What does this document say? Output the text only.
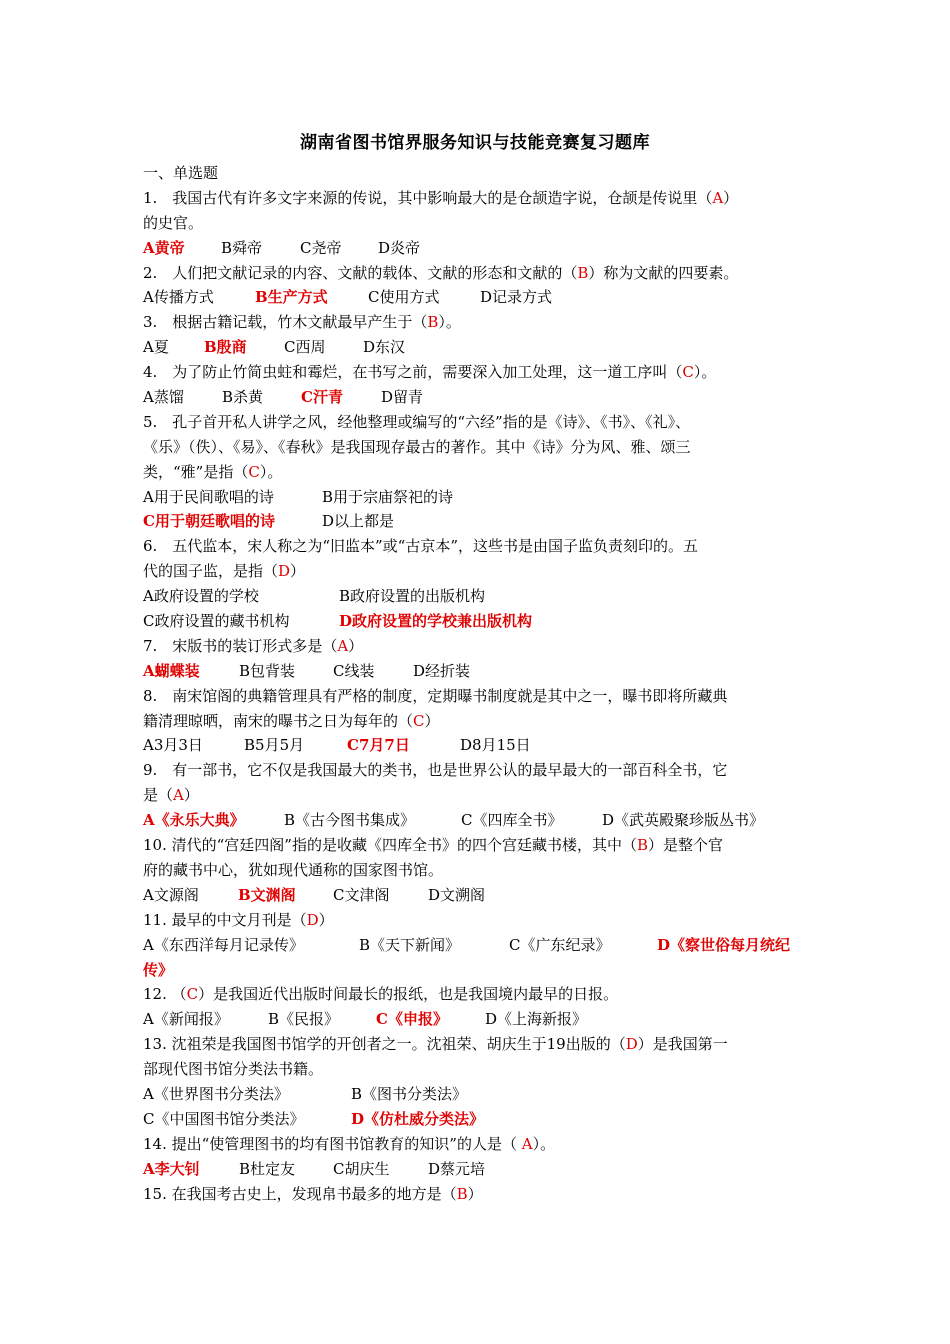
湖南省图书馆界服务知识与技能竞赛复习题库
一、单选题
1.　我国古代有许多文字来源的传说，其中影响最大的是仓颉造字说，仓颉是传说里（A）
的史官。
A黄帝 B舜帝	C尧帝 D炎帝
2.　人们把文献记录的内容、文献的载体、文献的形态和文献的（B）称为文献的四要素。
A传播方式	B生产方式	C使用方式	D记录方式
3.　根据古籍记载，竹木文献最早产生于（B）。
A夏 B殷商 C西周	D东汉
4.　为了防止竹简虫蛀和霉烂，在书写之前，需要深入加工处理，这一道工序叫（C）。
A蒸馏	B杀黄	C汗青	D留青
5.　孔子首开私人讲学之风，经他整理或编写的“六经”指的是《诗》、《书》、《礼》、
《乐》（佚）、《易》、《春秋》是我国现存最古的著作。其中《诗》分为风、雅、颂三
类，“雅”是指（C）。
A用于民间歌唱的诗	B用于宗庙祭祀的诗
C用于朝廷歌唱的诗	D以上都是
6.　五代监本，宋人称之为“旧监本”或“古京本”，这些书是由国子监负责刻印的。五
代的国子监，是指（D）
A政府设置的学校	B政府设置的出版机构
C政府设置的藏书机构	D政府设置的学校兼出版机构
7.　宋版书的装订形式多是（A）
A蝴蝶装	B包背装	C线装	D经折装
8.　南宋馆阁的典籍管理具有严格的制度，定期曝书制度就是其中之一，曝书即将所藏典
籍清理晾晒，南宋的曝书之日为每年的（C）
A3月3日	B5月5月	C7月7日	D8月15日
9.　有一部书，它不仅是我国最大的类书，也是世界公认的最早最大的一部百科全书，它
是（A）
A《永乐大典》	B《古今图书集成》	C《四库全书》	D《武英殿聚珍版丛书》
10. 清代的“宫廷四阁”指的是收藏《四库全书》的四个宫廷藏书楼，其中（B）是整个官
府的藏书中心，犹如现代通称的国家图书馆。
A文源阁	B文渊阁 C文津阁	D文溯阁
11. 最早的中文月刊是（D）
A《东西洋每月记录传》	B《天下新闻》	C《广东纪录》	D《察世俗每月统纪
传》
12. （C）是我国近代出版时间最长的报纸，也是我国境内最早的日报。
A《新闻报》	B《民报》 C《申报》 D《上海新报》
13. 沈祖荣是我国图书馆学的开创者之一。沈祖荣、胡庆生于19出版的（D）是我国第一
部现代图书馆分类法书籍。
A《世界图书分类法》	B《图书分类法》
C《中国图书馆分类法》	D《仿杜威分类法》
14. 提出“使管理图书的均有图书馆教育的知识”的人是（ A）。
A李大钊	B杜定友	C胡庆生	D蔡元培
15. 在我国考古史上，发现帛书最多的地方是（B）
